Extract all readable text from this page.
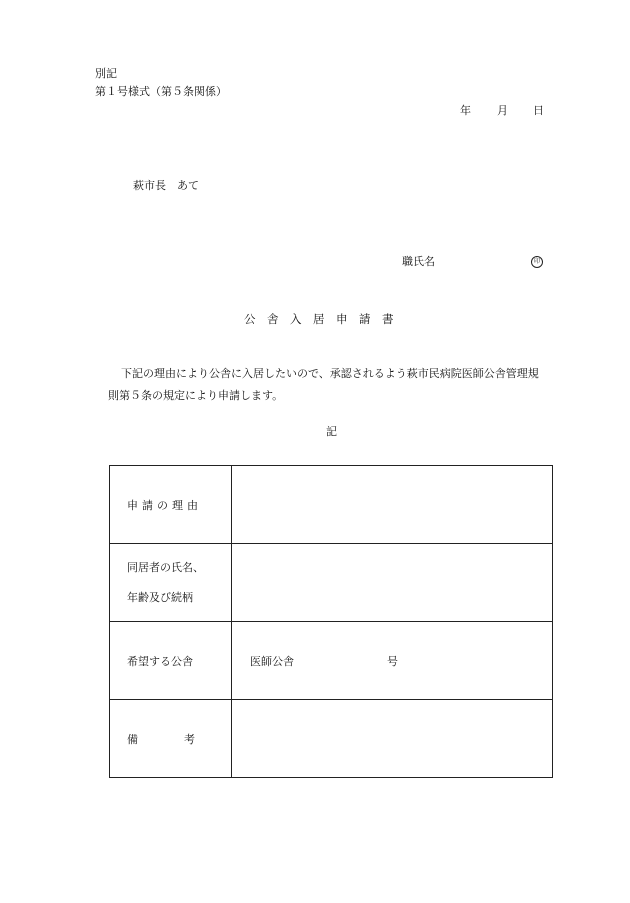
別記
第１号様式（第５条関係）
年 月 日
萩市長　あて
職氏名	印
公　舎　入　居　申　請　書
下記の理由により公舎に入居したいので、承認されるよう萩市民病院医師公舎管理規
則第５条の規定により申請します。
記
申請の理由	

同居者の氏名、
年齢及び続柄	

希望する公舎	医師公舎 号

備 考	
